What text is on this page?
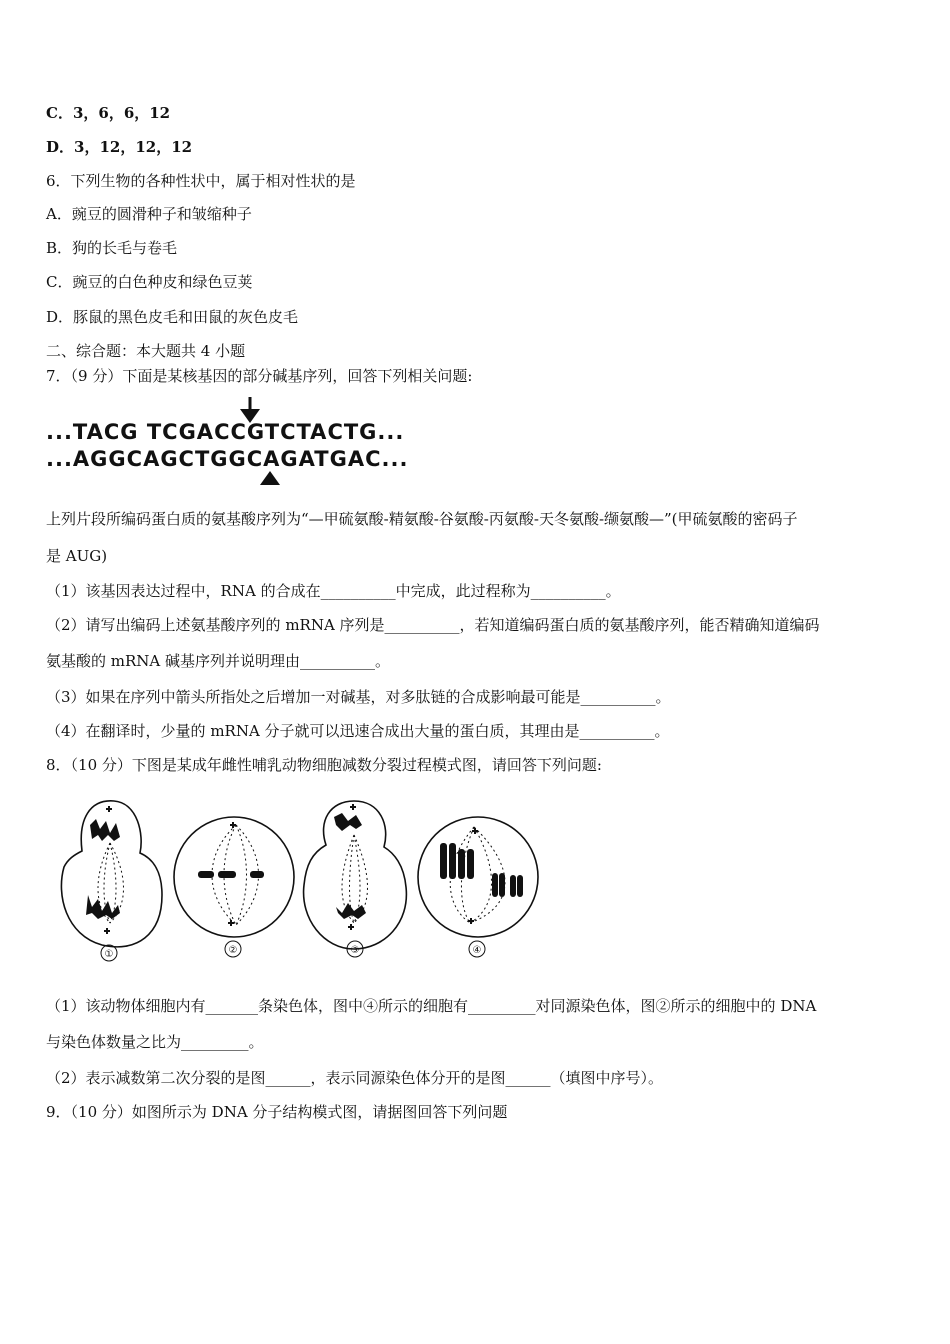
C．3，6，6，12
D．3，12，12，12
6．下列生物的各种性状中，属于相对性状的是
A．豌豆的圆滑种子和皱缩种子
B．狗的长毛与卷毛
C．豌豆的白色种皮和绿色豆荚
D．豚鼠的黑色皮毛和田鼠的灰色皮毛
二、综合题：本大题共 4 小题
7．（9 分）下面是某核基因的部分碱基序列，回答下列相关问题:
...TACG TCGACCGTCTACTG...
...AGGCAGCTGGCAGATGAC...
上列片段所编码蛋白质的氨基酸序列为“—甲硫氨酸-精氨酸-谷氨酸-丙氨酸-天冬氨酸-缬氨酸—”(甲硫氨酸的密码子
是 AUG)
（1）该基因表达过程中，RNA 的合成在__________中完成，此过程称为__________。
（2）请写出编码上述氨基酸序列的 mRNA 序列是__________，若知道编码蛋白质的氨基酸序列，能否精确知道编码
氨基酸的 mRNA 碱基序列并说明理由__________。
（3）如果在序列中箭头所指处之后增加一对碱基，对多肽链的合成影响最可能是__________。
（4）在翻译时，少量的 mRNA 分子就可以迅速合成出大量的蛋白质，其理由是__________。
8．（10 分）下图是某成年雌性哺乳动物细胞减数分裂过程模式图，请回答下列问题:
①	②	③	④
（1）该动物体细胞内有_______条染色体，图中④所示的细胞有_________对同源染色体，图②所示的细胞中的 DNA
与染色体数量之比为_________。
（2）表示减数第二次分裂的是图______，表示同源染色体分开的是图______（填图中序号）。
9．（10 分）如图所示为 DNA 分子结构模式图，请据图回答下列问题
